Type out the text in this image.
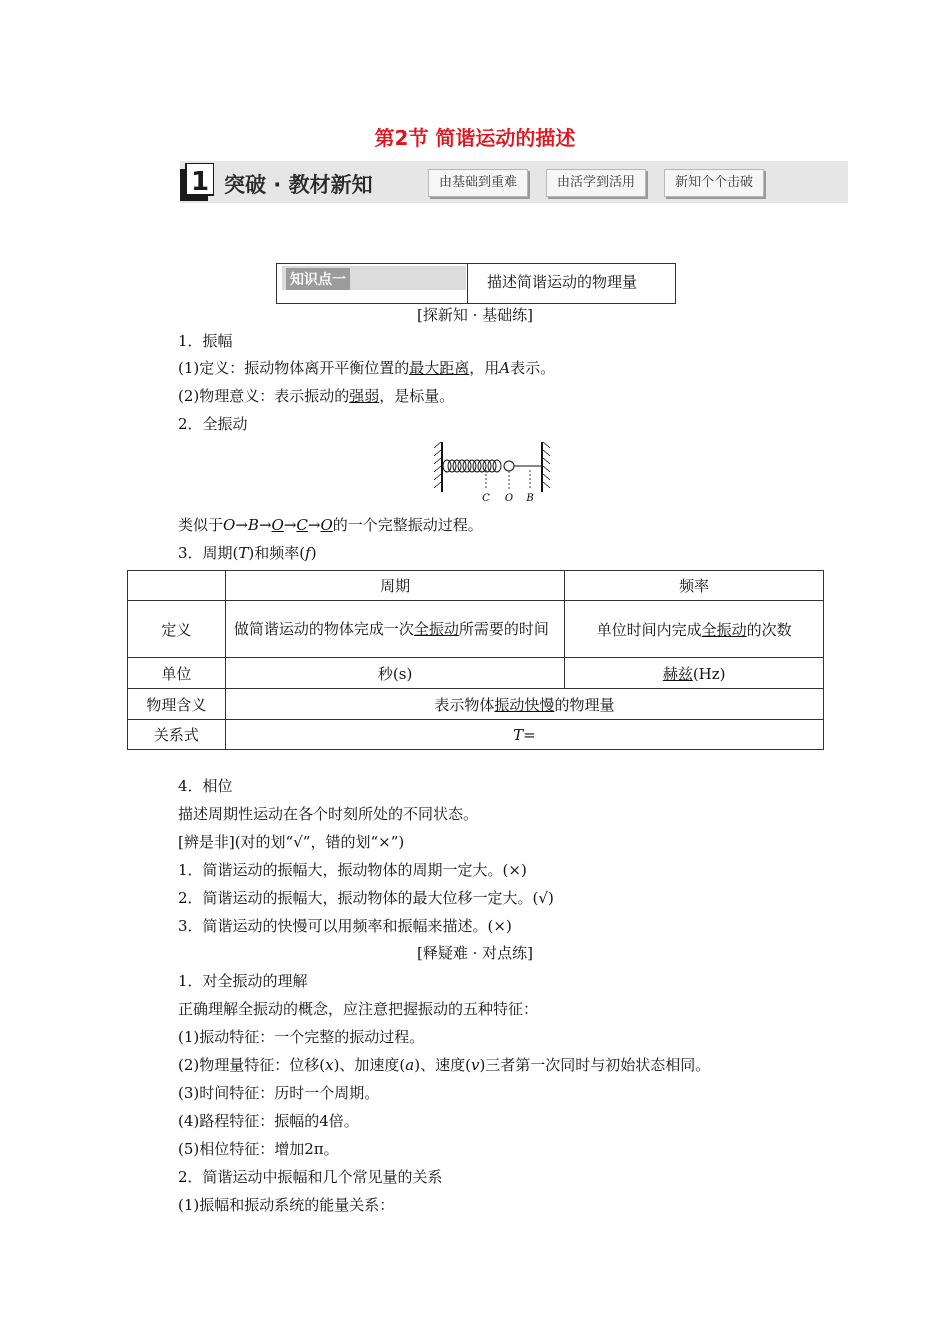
第2节 简谐运动的描述
1 突破 · 教材新知	由基础到重难	由活学到活用	新知个个击破
知识点一	描述简谐运动的物理量
[探新知 · 基础练]
1．振幅
(1)定义：振动物体离开平衡位置的最大距离，用A表示。
(2)物理意义：表示振动的强弱，是标量。
2．全振动
C O B
类似于O→B→O→C→O的一个完整振动过程。
3．周期(T)和频率(f)
	周期	频率
定义	做简谐运动的物体完成一次全振动所需要的时间	单位时间内完成全振动的次数
单位	秒(s)	赫兹(Hz)
物理含义	表示物体振动快慢的物理量	
关系式	T=	
4．相位
描述周期性运动在各个时刻所处的不同状态。
[辨是非](对的划“√”，错的划“×”)
1．简谐运动的振幅大，振动物体的周期一定大。(×)
2．简谐运动的振幅大，振动物体的最大位移一定大。(√)
3．简谐运动的快慢可以用频率和振幅来描述。(×)
[释疑难 · 对点练]
1．对全振动的理解
正确理解全振动的概念，应注意把握振动的五种特征：
(1)振动特征：一个完整的振动过程。
(2)物理量特征：位移(x)、加速度(a)、速度(v)三者第一次同时与初始状态相同。
(3)时间特征：历时一个周期。
(4)路程特征：振幅的4倍。
(5)相位特征：增加2π。
2．简谐运动中振幅和几个常见量的关系
(1)振幅和振动系统的能量关系：
